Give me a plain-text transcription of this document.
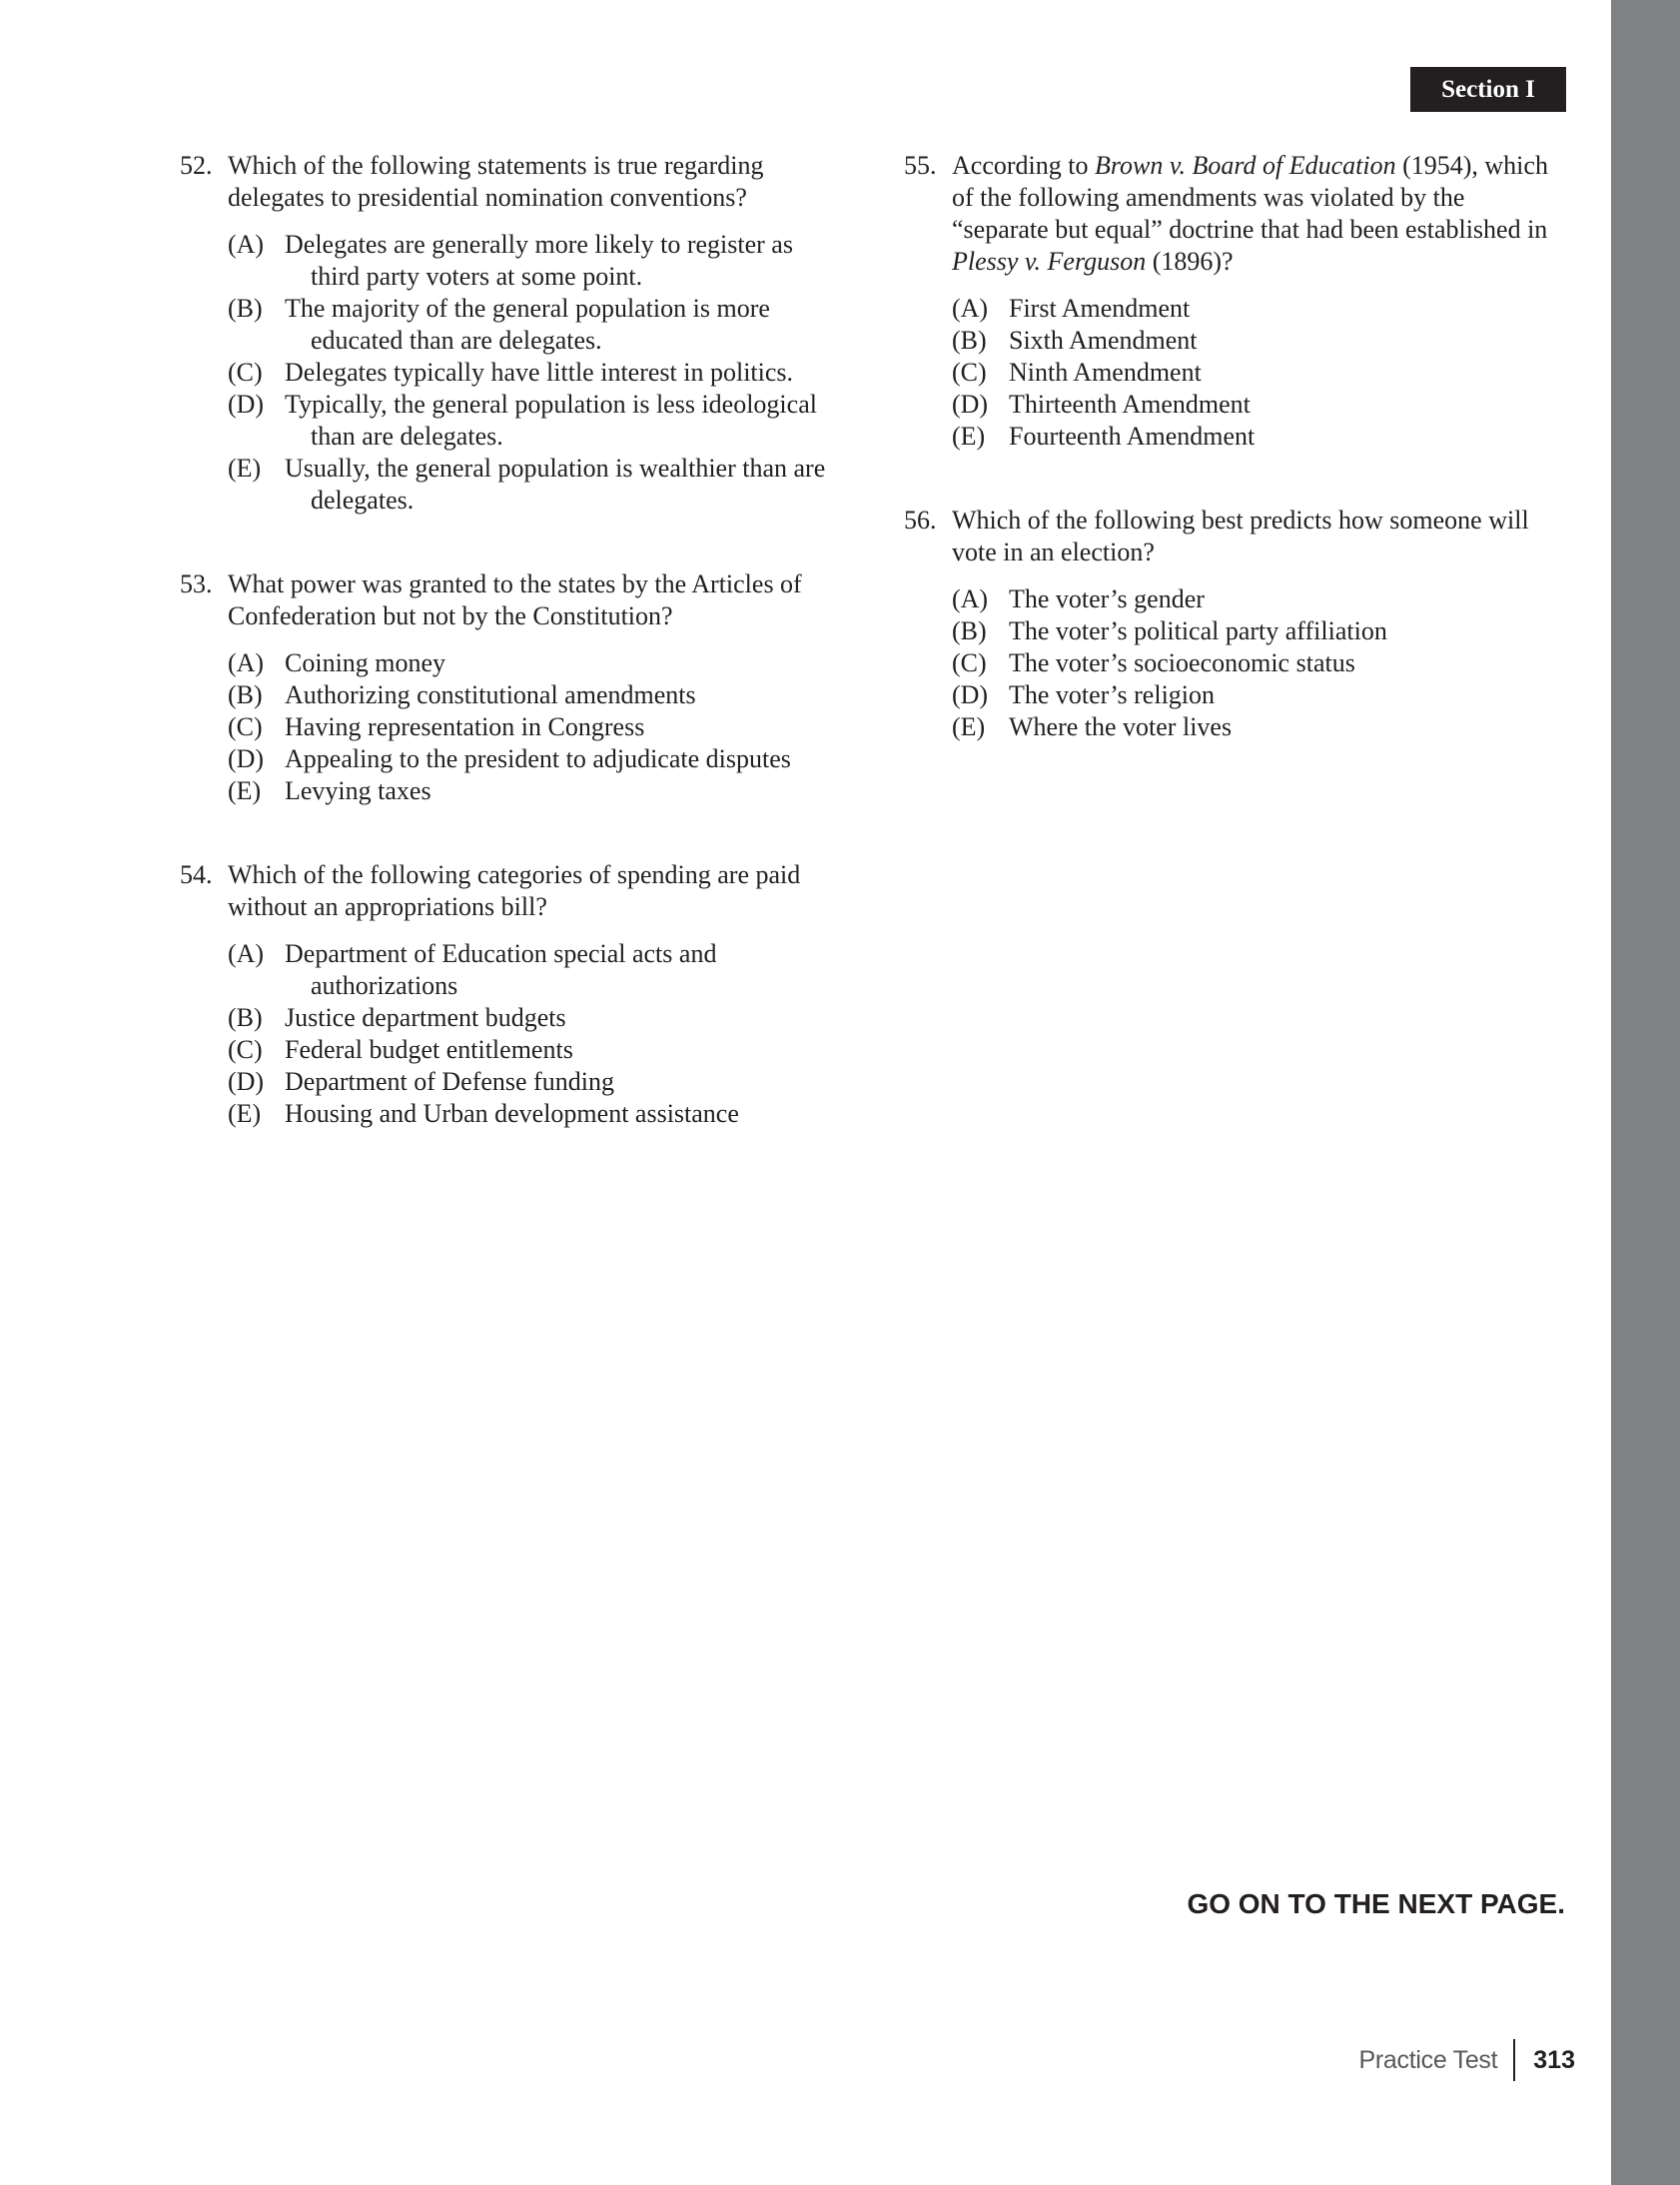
Section I
52. Which of the following statements is true regarding delegates to presidential nomination conventions?
(A) Delegates are generally more likely to register as third party voters at some point.
(B) The majority of the general population is more educated than are delegates.
(C) Delegates typically have little interest in politics.
(D) Typically, the general population is less ideological than are delegates.
(E) Usually, the general population is wealthier than are delegates.
53. What power was granted to the states by the Articles of Confederation but not by the Constitution?
(A) Coining money
(B) Authorizing constitutional amendments
(C) Having representation in Congress
(D) Appealing to the president to adjudicate disputes
(E) Levying taxes
54. Which of the following categories of spending are paid without an appropriations bill?
(A) Department of Education special acts and authorizations
(B) Justice department budgets
(C) Federal budget entitlements
(D) Department of Defense funding
(E) Housing and Urban development assistance
55. According to Brown v. Board of Education (1954), which of the following amendments was violated by the “separate but equal” doctrine that had been established in Plessy v. Ferguson (1896)?
(A) First Amendment
(B) Sixth Amendment
(C) Ninth Amendment
(D) Thirteenth Amendment
(E) Fourteenth Amendment
56. Which of the following best predicts how someone will vote in an election?
(A) The voter’s gender
(B) The voter’s political party affiliation
(C) The voter’s socioeconomic status
(D) The voter’s religion
(E) Where the voter lives
GO ON TO THE NEXT PAGE.
Practice Test 313
